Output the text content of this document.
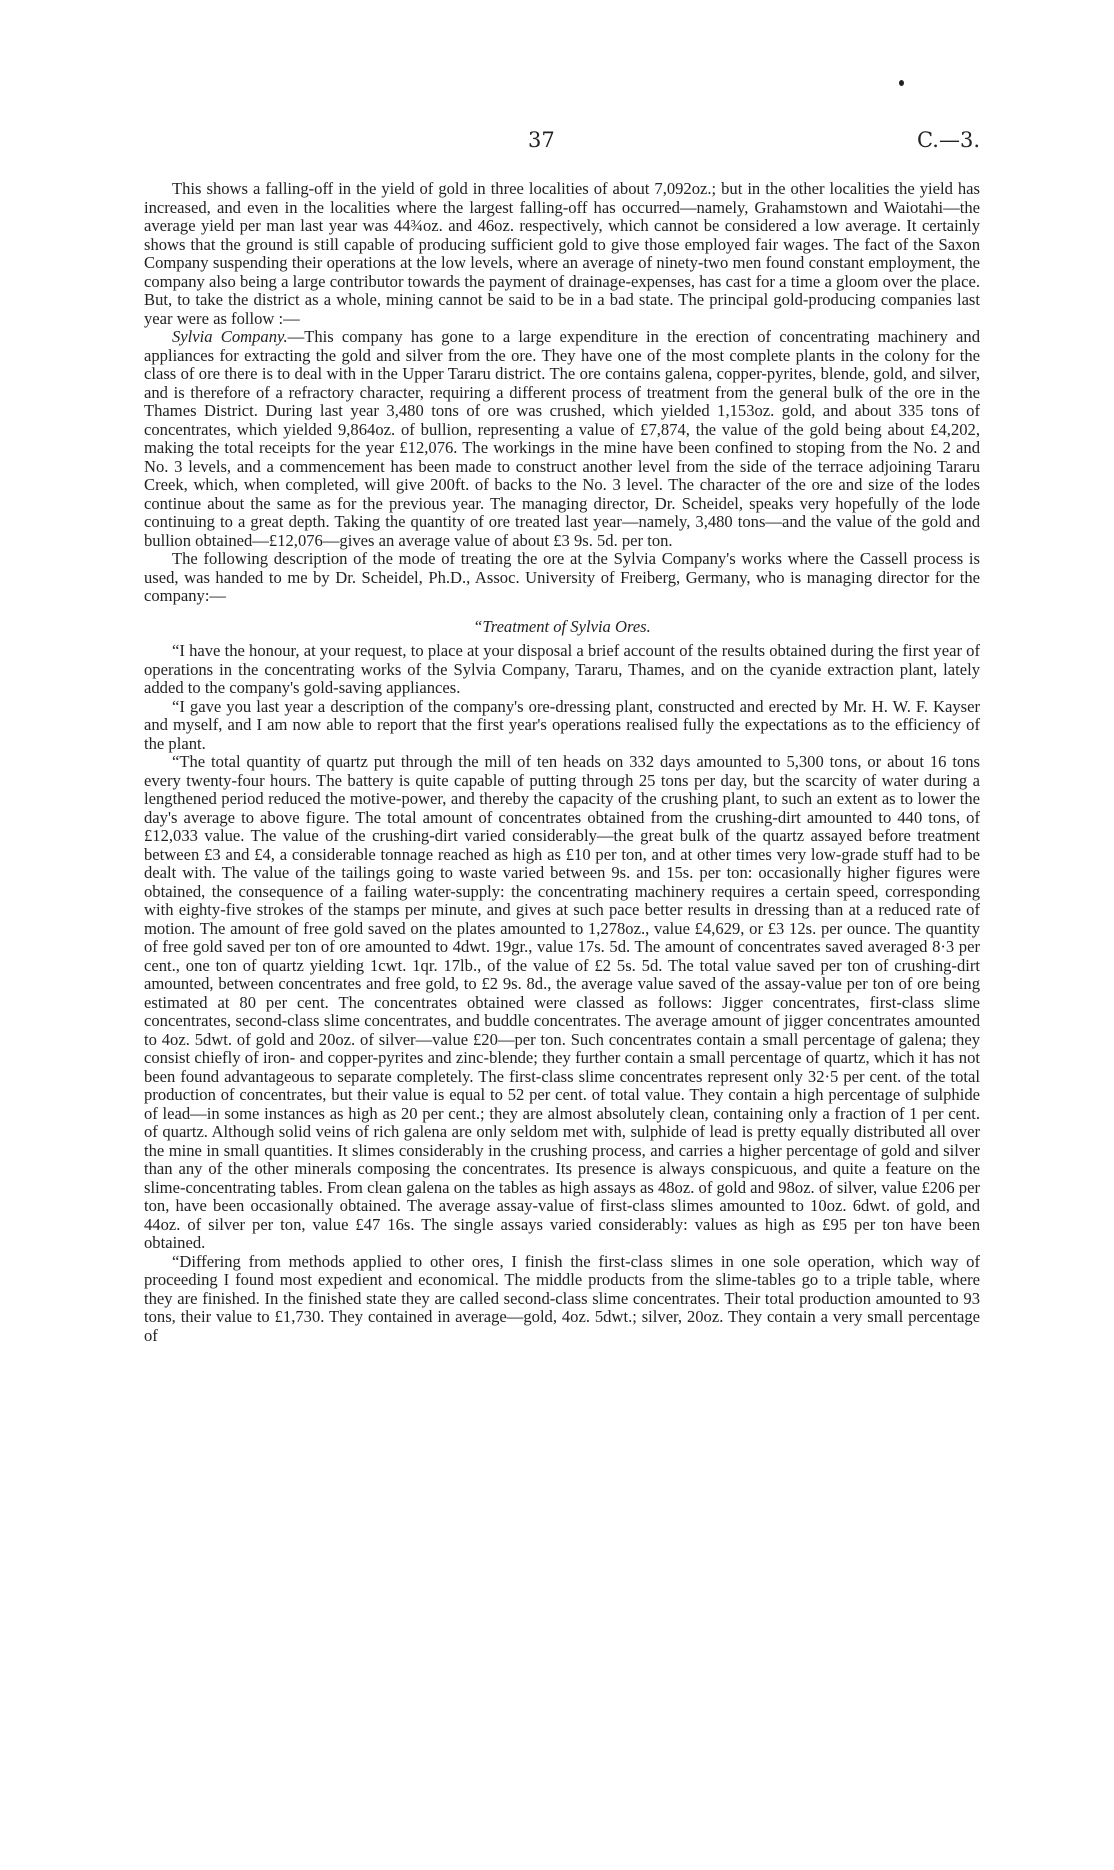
37	C.—3.

This shows a falling-off in the yield of gold in three localities of about 7,092oz.; but in the other localities the yield has increased, and even in the localities where the largest falling-off has occurred—namely, Grahamstown and Waiotahi—the average yield per man last year was 44¾oz. and 46oz. respectively, which cannot be considered a low average. It certainly shows that the ground is still capable of producing sufficient gold to give those employed fair wages. The fact of the Saxon Company suspending their operations at the low levels, where an average of ninety-two men found constant employment, the company also being a large contributor towards the payment of drainage-expenses, has cast for a time a gloom over the place. But, to take the district as a whole, mining cannot be said to be in a bad state. The principal gold-producing companies last year were as follow :—

Sylvia Company.—This company has gone to a large expenditure in the erection of concentrating machinery and appliances for extracting the gold and silver from the ore. They have one of the most complete plants in the colony for the class of ore there is to deal with in the Upper Tararu district. The ore contains galena, copper-pyrites, blende, gold, and silver, and is therefore of a refractory character, requiring a different process of treatment from the general bulk of the ore in the Thames District. During last year 3,480 tons of ore was crushed, which yielded 1,153oz. gold, and about 335 tons of concentrates, which yielded 9,864oz. of bullion, representing a value of £7,874, the value of the gold being about £4,202, making the total receipts for the year £12,076. The workings in the mine have been confined to stoping from the No. 2 and No. 3 levels, and a commencement has been made to construct another level from the side of the terrace adjoining Tararu Creek, which, when completed, will give 200ft. of backs to the No. 3 level. The character of the ore and size of the lodes continue about the same as for the previous year. The managing director, Dr. Scheidel, speaks very hopefully of the lode continuing to a great depth. Taking the quantity of ore treated last year—namely, 3,480 tons—and the value of the gold and bullion obtained—£12,076—gives an average value of about £3 9s. 5d. per ton.

The following description of the mode of treating the ore at the Sylvia Company's works where the Cassell process is used, was handed to me by Dr. Scheidel, Ph.D., Assoc. University of Freiberg, Germany, who is managing director for the company:—

“Treatment of Sylvia Ores.

“I have the honour, at your request, to place at your disposal a brief account of the results obtained during the first year of operations in the concentrating works of the Sylvia Company, Tararu, Thames, and on the cyanide extraction plant, lately added to the company's gold-saving appliances.

“I gave you last year a description of the company's ore-dressing plant, constructed and erected by Mr. H. W. F. Kayser and myself, and I am now able to report that the first year's operations realised fully the expectations as to the efficiency of the plant.

“The total quantity of quartz put through the mill of ten heads on 332 days amounted to 5,300 tons, or about 16 tons every twenty-four hours. The battery is quite capable of putting through 25 tons per day, but the scarcity of water during a lengthened period reduced the motive-power, and thereby the capacity of the crushing plant, to such an extent as to lower the day's average to above figure. The total amount of concentrates obtained from the crushing-dirt amounted to 440 tons, of £12,033 value. The value of the crushing-dirt varied considerably—the great bulk of the quartz assayed before treatment between £3 and £4, a considerable tonnage reached as high as £10 per ton, and at other times very low-grade stuff had to be dealt with. The value of the tailings going to waste varied between 9s. and 15s. per ton: occasionally higher figures were obtained, the consequence of a failing water-supply: the concentrating machinery requires a certain speed, corresponding with eighty-five strokes of the stamps per minute, and gives at such pace better results in dressing than at a reduced rate of motion. The amount of free gold saved on the plates amounted to 1,278oz., value £4,629, or £3 12s. per ounce. The quantity of free gold saved per ton of ore amounted to 4dwt. 19gr., value 17s. 5d. The amount of concentrates saved averaged 8·3 per cent., one ton of quartz yielding 1cwt. 1qr. 17lb., of the value of £2 5s. 5d. The total value saved per ton of crushing-dirt amounted, between concentrates and free gold, to £2 9s. 8d., the average value saved of the assay-value per ton of ore being estimated at 80 per cent. The concentrates obtained were classed as follows: Jigger concentrates, first-class slime concentrates, second-class slime concentrates, and buddle concentrates. The average amount of jigger concentrates amounted to 4oz. 5dwt. of gold and 20oz. of silver—value £20—per ton. Such concentrates contain a small percentage of galena; they consist chiefly of iron- and copper-pyrites and zinc-blende; they further contain a small percentage of quartz, which it has not been found advantageous to separate completely. The first-class slime concentrates represent only 32·5 per cent. of the total production of concentrates, but their value is equal to 52 per cent. of total value. They contain a high percentage of sulphide of lead—in some instances as high as 20 per cent.; they are almost absolutely clean, containing only a fraction of 1 per cent. of quartz. Although solid veins of rich galena are only seldom met with, sulphide of lead is pretty equally distributed all over the mine in small quantities. It slimes considerably in the crushing process, and carries a higher percentage of gold and silver than any of the other minerals composing the concentrates. Its presence is always conspicuous, and quite a feature on the slime-concentrating tables. From clean galena on the tables as high assays as 48oz. of gold and 98oz. of silver, value £206 per ton, have been occasionally obtained. The average assay-value of first-class slimes amounted to 10oz. 6dwt. of gold, and 44oz. of silver per ton, value £47 16s. The single assays varied considerably: values as high as £95 per ton have been obtained.

“Differing from methods applied to other ores, I finish the first-class slimes in one sole operation, which way of proceeding I found most expedient and economical. The middle products from the slime-tables go to a triple table, where they are finished. In the finished state they are called second-class slime concentrates. Their total production amounted to 93 tons, their value to £1,730. They contained in average—gold, 4oz. 5dwt.; silver, 20oz. They contain a very small percentage of
